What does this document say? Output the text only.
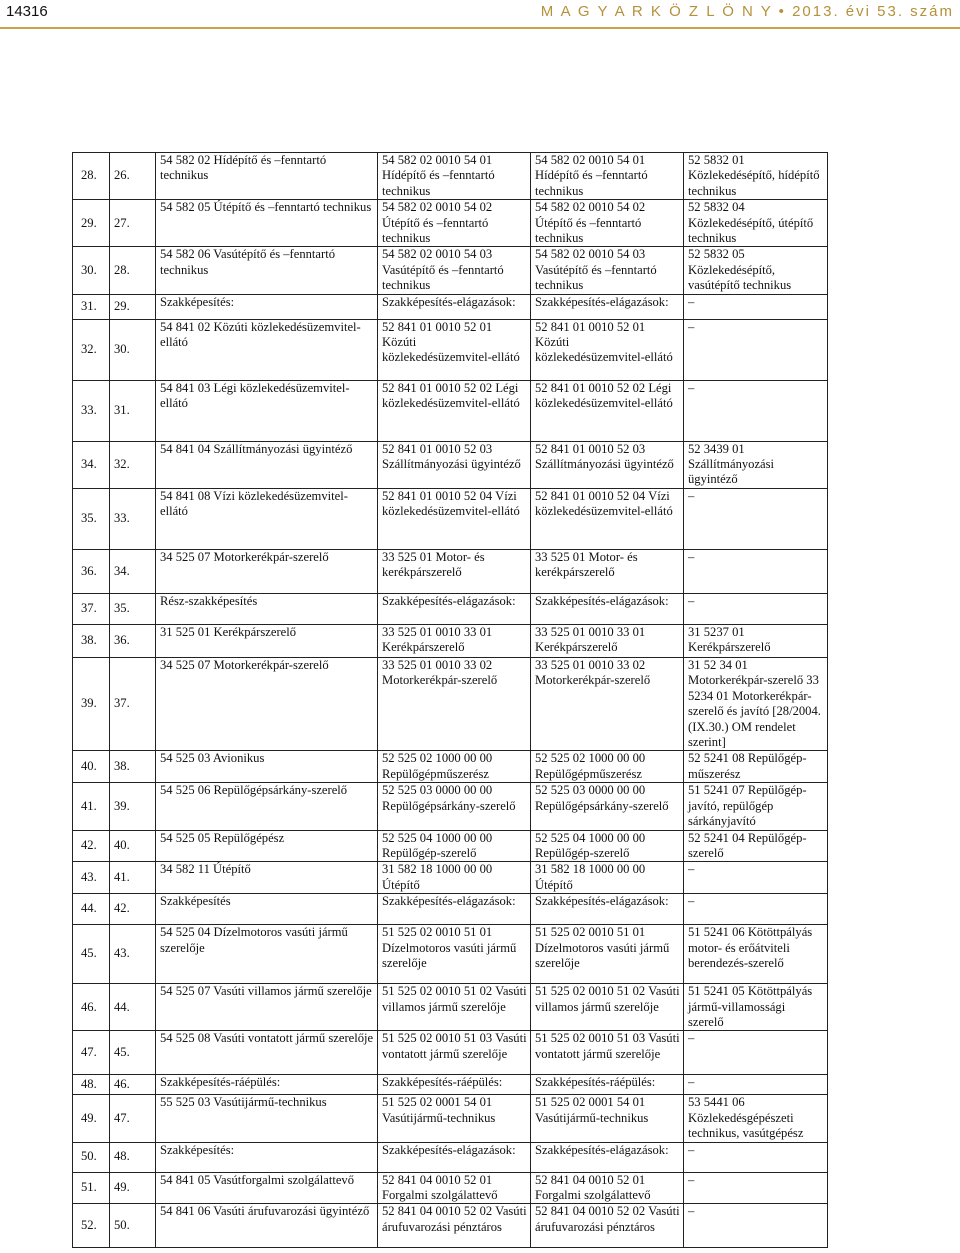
14316	M A G Y A R K Ö Z L Ö N Y • 2013. évi 53. szám
28.	26.	54 582 02 Hídépítő és –fenntartó technikus	54 582 02 0010 54 01 Hídépítő és –fenntartó technikus	54 582 02 0010 54 01 Hídépítő és –fenntartó technikus	52 5832 01 Közlekedésépítő, hídépítő technikus
29.	27.	54 582 05 Útépítő és –fenntartó technikus	54 582 02 0010 54 02 Útépítő és –fenntartó technikus	54 582 02 0010 54 02 Útépítő és –fenntartó technikus	52 5832 04 Közlekedésépítő, útépítő technikus
30.	28.	54 582 06 Vasútépítő és –fenntartó technikus	54 582 02 0010 54 03 Vasútépítő és –fenntartó technikus	54 582 02 0010 54 03 Vasútépítő és –fenntartó technikus	52 5832 05 Közlekedésépítő, vasútépítő technikus
31.	29.	Szakképesítés:	Szakképesítés-elágazások:	Szakképesítés-elágazások:	–
32.	30.	54 841 02 Közúti közlekedésüzemvitel-ellátó	52 841 01 0010 52 01 Közúti közlekedésüzemvitel-ellátó	52 841 01 0010 52 01 Közúti közlekedésüzemvitel-ellátó	–
33.	31.	54 841 03 Légi közlekedésüzemvitel-ellátó	52 841 01 0010 52 02 Légi közlekedésüzemvitel-ellátó	52 841 01 0010 52 02 Légi közlekedésüzemvitel-ellátó	–
34.	32.	54 841 04 Szállítmányozási ügyintéző	52 841 01 0010 52 03 Szállítmányozási ügyintéző	52 841 01 0010 52 03 Szállítmányozási ügyintéző	52 3439 01 Szállítmányozási ügyintéző
35.	33.	54 841 08 Vízi közlekedésüzemvitel-ellátó	52 841 01 0010 52 04 Vízi közlekedésüzemvitel-ellátó	52 841 01 0010 52 04 Vízi közlekedésüzemvitel-ellátó	–
36.	34.	34 525 07 Motorkerékpár-szerelő	33 525 01 Motor- és kerékpárszerelő	33 525 01 Motor- és kerékpárszerelő	–
37.	35.	Rész-szakképesítés	Szakképesítés-elágazások:	Szakképesítés-elágazások:	–
38.	36.	31 525 01 Kerékpárszerelő	33 525 01 0010 33 01 Kerékpárszerelő	33 525 01 0010 33 01 Kerékpárszerelő	31 5237 01 Kerékpárszerelő
39.	37.	34 525 07 Motorkerékpár-szerelő	33 525 01 0010 33 02 Motorkerékpár-szerelő	33 525 01 0010 33 02 Motorkerékpár-szerelő	31 52 34 01 Motorkerékpár-szerelő 33 5234 01 Motorkerékpár-szerelő és javító [28/2004. (IX.30.) OM rendelet szerint]
40.	38.	54 525 03 Avionikus	52 525 02 1000 00 00 Repülőgépműszerész	52 525 02 1000 00 00 Repülőgépműszerész	52 5241 08 Repülőgép-műszerész
41.	39.	54 525 06 Repülőgépsárkány-szerelő	52 525 03 0000 00 00 Repülőgépsárkány-szerelő	52 525 03 0000 00 00 Repülőgépsárkány-szerelő	51 5241 07 Repülőgép-javító, repülőgép sárkányjavító
42.	40.	54 525 05 Repülőgépész	52 525 04 1000 00 00 Repülőgép-szerelő	52 525 04 1000 00 00 Repülőgép-szerelő	52 5241 04 Repülőgép-szerelő
43.	41.	34 582 11 Útépítő	31 582 18 1000 00 00 Útépítő	31 582 18 1000 00 00 Útépítő	–
44.	42.	Szakképesítés	Szakképesítés-elágazások:	Szakképesítés-elágazások:	–
45.	43.	54 525 04 Dízelmotoros vasúti jármű szerelője	51 525 02 0010 51 01 Dízelmotoros vasúti jármű szerelője	51 525 02 0010 51 01 Dízelmotoros vasúti jármű szerelője	51 5241 06 Kötöttpályás motor- és erőátviteli berendezés-szerelő
46.	44.	54 525 07 Vasúti villamos jármű szerelője	51 525 02 0010 51 02 Vasúti villamos jármű szerelője	51 525 02 0010 51 02 Vasúti villamos jármű szerelője	51 5241 05 Kötöttpályás jármű-villamossági szerelő
47.	45.	54 525 08 Vasúti vontatott jármű szerelője	51 525 02 0010 51 03 Vasúti vontatott jármű szerelője	51 525 02 0010 51 03 Vasúti vontatott jármű szerelője	–
48.	46.	Szakképesítés-ráépülés:	Szakképesítés-ráépülés:	Szakképesítés-ráépülés:	–
49.	47.	55 525 03 Vasútijármű-technikus	51 525 02 0001 54 01 Vasútijármű-technikus	51 525 02 0001 54 01 Vasútijármű-technikus	53 5441 06 Közlekedésgépészeti technikus, vasútgépész
50.	48.	Szakképesítés:	Szakképesítés-elágazások:	Szakképesítés-elágazások:	–
51.	49.	54 841 05 Vasútforgalmi szolgálattevő	52 841 04 0010 52 01 Forgalmi szolgálattevő	52 841 04 0010 52 01 Forgalmi szolgálattevő	–
52.	50.	54 841 06 Vasúti árufuvarozási ügyintéző	52 841 04 0010 52 02 Vasúti árufuvarozási pénztáros	52 841 04 0010 52 02 Vasúti árufuvarozási pénztáros	–
